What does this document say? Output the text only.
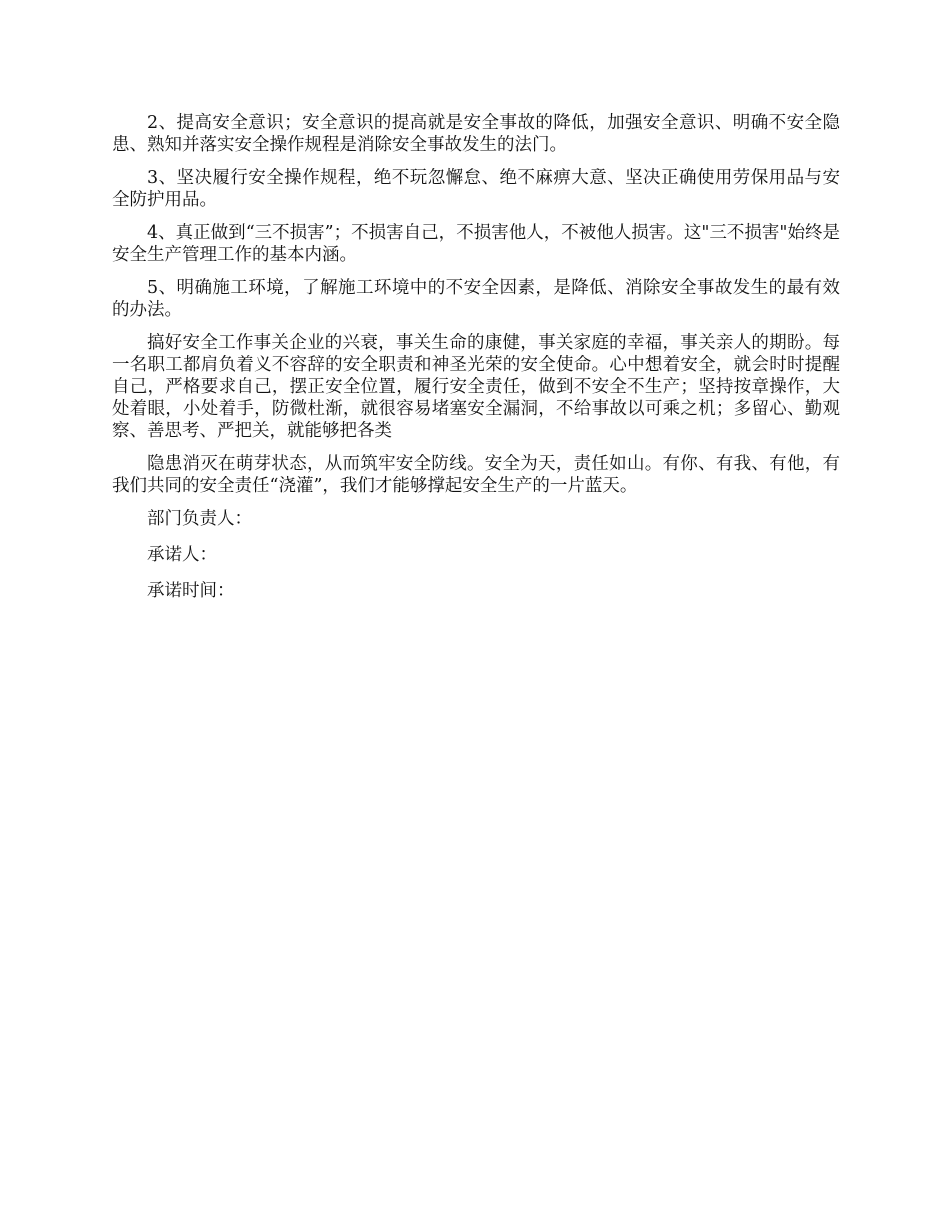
2、提高安全意识；安全意识的提高就是安全事故的降低，加强安全意识、明确不安全隐患、熟知并落实安全操作规程是消除安全事故发生的法门。

3、坚决履行安全操作规程，绝不玩忽懈怠、绝不麻痹大意、坚决正确使用劳保用品与安全防护用品。

4、真正做到“三不损害”；不损害自己，不损害他人，不被他人损害。这"三不损害"始终是安全生产管理工作的基本内涵。

5、明确施工环境，了解施工环境中的不安全因素，是降低、消除安全事故发生的最有效的办法。

搞好安全工作事关企业的兴衰，事关生命的康健，事关家庭的幸福，事关亲人的期盼。每一名职工都肩负着义不容辞的安全职责和神圣光荣的安全使命。心中想着安全，就会时时提醒自己，严格要求自己，摆正安全位置，履行安全责任，做到不安全不生产；坚持按章操作，大处着眼，小处着手，防微杜渐，就很容易堵塞安全漏洞，不给事故以可乘之机；多留心、勤观察、善思考、严把关，就能够把各类

隐患消灭在萌芽状态，从而筑牢安全防线。安全为天，责任如山。有你、有我、有他，有我们共同的安全责任“浇灌”，我们才能够撑起安全生产的一片蓝天。

部门负责人：

承诺人：

承诺时间：
